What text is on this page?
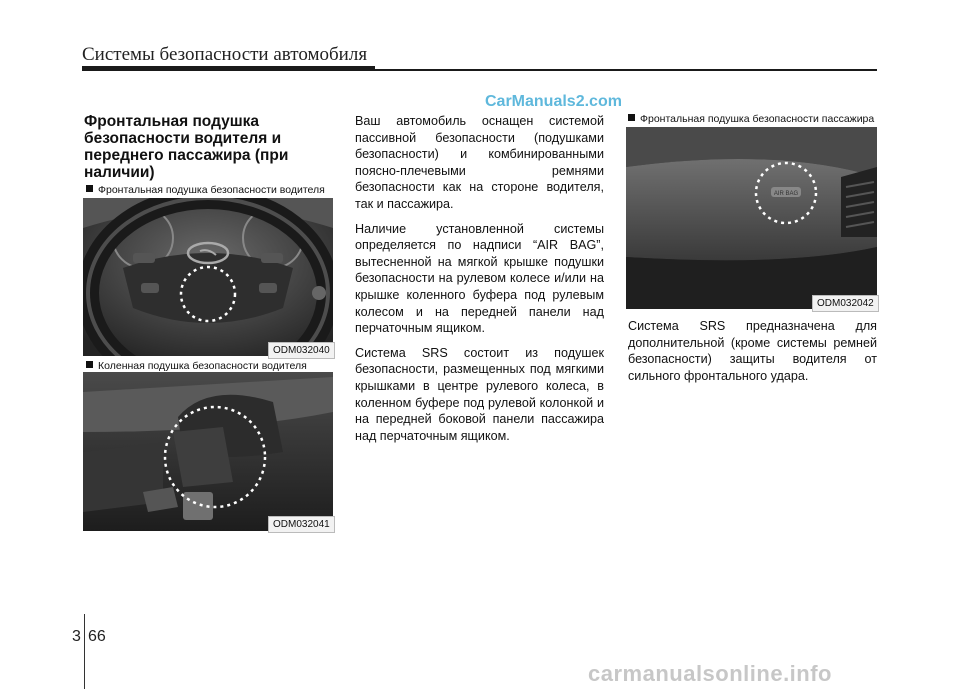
Системы безопасности автомобиля
CarManuals2.com
Фронтальная подушка безопасности водителя и переднего пассажира (при наличии)
Фронтальная подушка безопасности водителя
ODM032040
Коленная подушка безопасности водителя
ODM032041

Ваш автомобиль оснащен системой пассивной безопасности (подушками безопасности) и комбинированными поясно-плечевыми ремнями безопасности как на стороне водителя, так и пассажира.

Наличие установленной системы определяется по надписи “AIR BAG”, вытесненной на мягкой крышке подушки безопасности на рулевом колесе и/или на крышке коленного буфера под рулевым колесом и на передней панели над перчаточным ящиком.

Система SRS состоит из подушек безопасности, размещенных под мягкими крышками в центре рулевого колеса, в коленном буфере под рулевой колонкой и на передней боковой панели пассажира над перчаточным ящиком.

Фронтальная подушка безопасности пассажира
AIR BAG
ODM032042

Система SRS предназначена для дополнительной (кроме системы ремней безопасности) защиты водителя от сильного фронтального удара.

3 66
carmanualsonline.info
